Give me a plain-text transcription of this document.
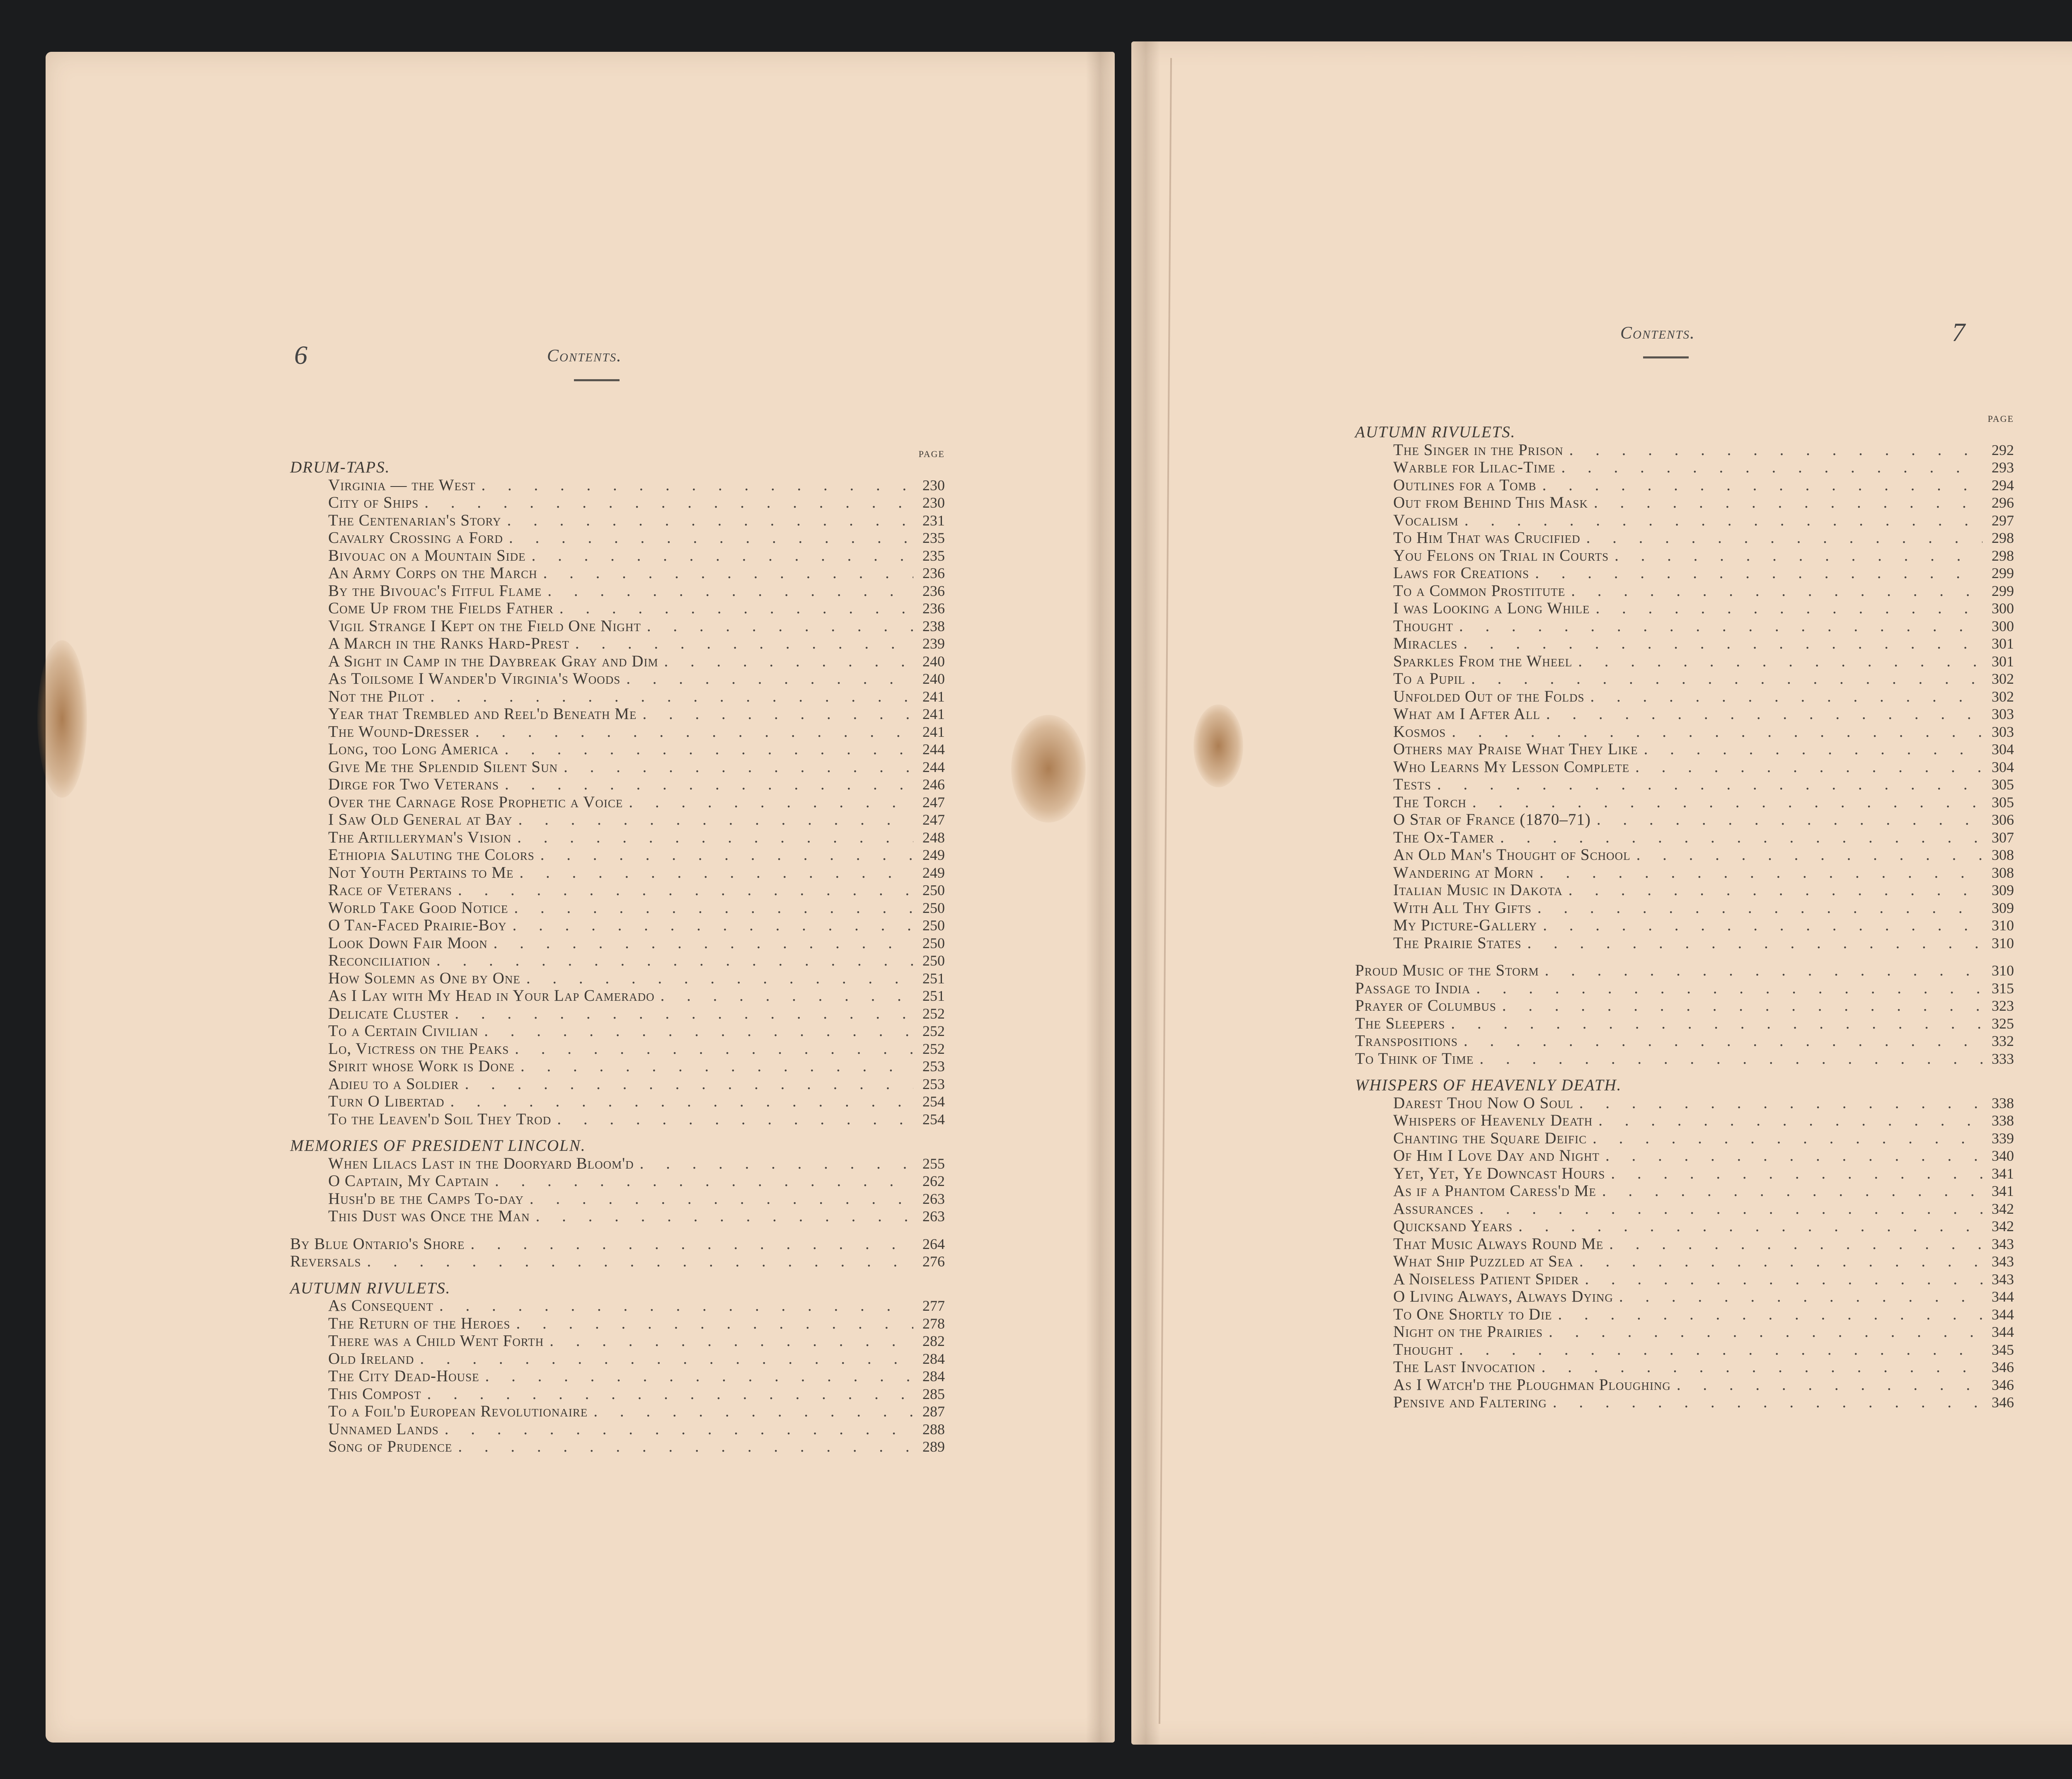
6	Contents.
PAGE
DRUM-TAPS.
Virginia — the West . . .	230
City of Ships . . .	230
The Centenarian's Story . . .	231
Cavalry Crossing a Ford . . .	235
Bivouac on a Mountain Side . . .	235
An Army Corps on the March . . .	236
By the Bivouac's Fitful Flame . . .	236
Come Up from the Fields Father . . .	236
Vigil Strange I Kept on the Field One Night . . .	238
A March in the Ranks Hard-Prest . . .	239
A Sight in Camp in the Daybreak Gray and Dim . . .	240
As Toilsome I Wander'd Virginia's Woods . . .	240
Not the Pilot . . .	241
Year that Trembled and Reel'd Beneath Me . . .	241
The Wound-Dresser . . .	241
Long, too Long America . . .	244
Give Me the Splendid Silent Sun . . .	244
Dirge for Two Veterans . . .	246
Over the Carnage Rose Prophetic a Voice . . .	247
I Saw Old General at Bay . . .	247
The Artilleryman's Vision . . .	248
Ethiopia Saluting the Colors . . .	249
Not Youth Pertains to Me . . .	249
Race of Veterans . . .	250
World Take Good Notice . . .	250
O Tan-Faced Prairie-Boy . . .	250
Look Down Fair Moon . . .	250
Reconciliation . . .	250
How Solemn as One by One . . .	251
As I Lay with My Head in Your Lap Camerado . . .	251
Delicate Cluster . . .	252
To a Certain Civilian . . .	252
Lo, Victress on the Peaks . . .	252
Spirit whose Work is Done . . .	253
Adieu to a Soldier . . .	253
Turn O Libertad . . .	254
To the Leaven'd Soil They Trod . . .	254
MEMORIES OF PRESIDENT LINCOLN.
When Lilacs Last in the Dooryard Bloom'd . . .	255
O Captain, My Captain . . .	262
Hush'd be the Camps To-day . . .	263
This Dust was Once the Man . . .	263
By Blue Ontario's Shore . . .	264
Reversals . . .	276
AUTUMN RIVULETS.
As Consequent . . .	277
The Return of the Heroes . . .	278
There was a Child Went Forth . . .	282
Old Ireland . . .	284
The City Dead-House . . .	284
This Compost . . .	285
To a Foil'd European Revolutionaire . . .	287
Unnamed Lands . . .	288
Song of Prudence . . .	289
Contents.	7
PAGE
AUTUMN RIVULETS.
The Singer in the Prison . . .	292
Warble for Lilac-Time . . .	293
Outlines for a Tomb . . .	294
Out from Behind This Mask . . .	296
Vocalism . . .	297
To Him That was Crucified . . .	298
You Felons on Trial in Courts . . .	298
Laws for Creations . . .	299
To a Common Prostitute . . .	299
I was Looking a Long While . . .	300
Thought . . .	300
Miracles . . .	301
Sparkles From the Wheel . . .	301
To a Pupil . . .	302
Unfolded Out of the Folds . . .	302
What am I After All . . .	303
Kosmos . . .	303
Others may Praise What They Like . . .	304
Who Learns My Lesson Complete . . .	304
Tests . . .	305
The Torch . . .	305
O Star of France (1870–71) . . .	306
The Ox-Tamer . . .	307
An Old Man's Thought of School . . .	308
Wandering at Morn . . .	308
Italian Music in Dakota . . .	309
With All Thy Gifts . . .	309
My Picture-Gallery . . .	310
The Prairie States . . .	310
Proud Music of the Storm . . .	310
Passage to India . . .	315
Prayer of Columbus . . .	323
The Sleepers . . .	325
Transpositions . . .	332
To Think of Time . . .	333
WHISPERS OF HEAVENLY DEATH.
Darest Thou Now O Soul . . .	338
Whispers of Heavenly Death . . .	338
Chanting the Square Deific . . .	339
Of Him I Love Day and Night . . .	340
Yet, Yet, Ye Downcast Hours . . .	341
As if a Phantom Caress'd Me . . .	341
Assurances . . .	342
Quicksand Years . . .	342
That Music Always Round Me . . .	343
What Ship Puzzled at Sea . . .	343
A Noiseless Patient Spider . . .	343
O Living Always, Always Dying . . .	344
To One Shortly to Die . . .	344
Night on the Prairies . . .	344
Thought . . .	345
The Last Invocation . . .	346
As I Watch'd the Ploughman Ploughing . . .	346
Pensive and Faltering . . .	346
